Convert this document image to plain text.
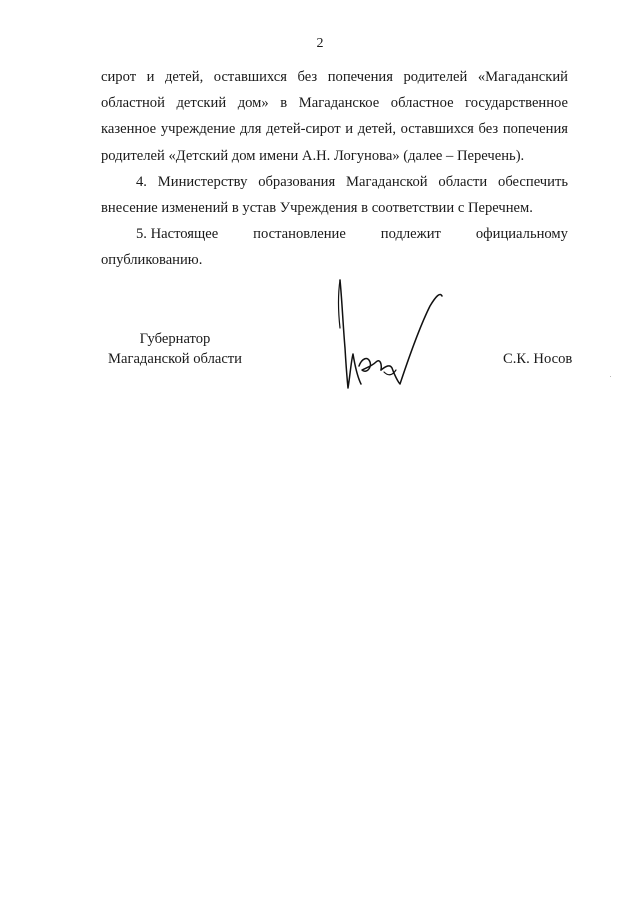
2

сирот и детей, оставшихся без попечения родителей «Магаданский областной детский дом» в Магаданское областное государственное казенное учреждение для детей-сирот и детей, оставшихся без попечения родителей «Детский дом имени А.Н. Логунова» (далее – Перечень).

4. Министерству образования Магаданской области обеспечить внесение изменений в устав Учреждения в соответствии с Перечнем.

5. Настоящее постановление подлежит официальному

опубликованию.

Губернатор
Магаданской области	С.К. Носов
